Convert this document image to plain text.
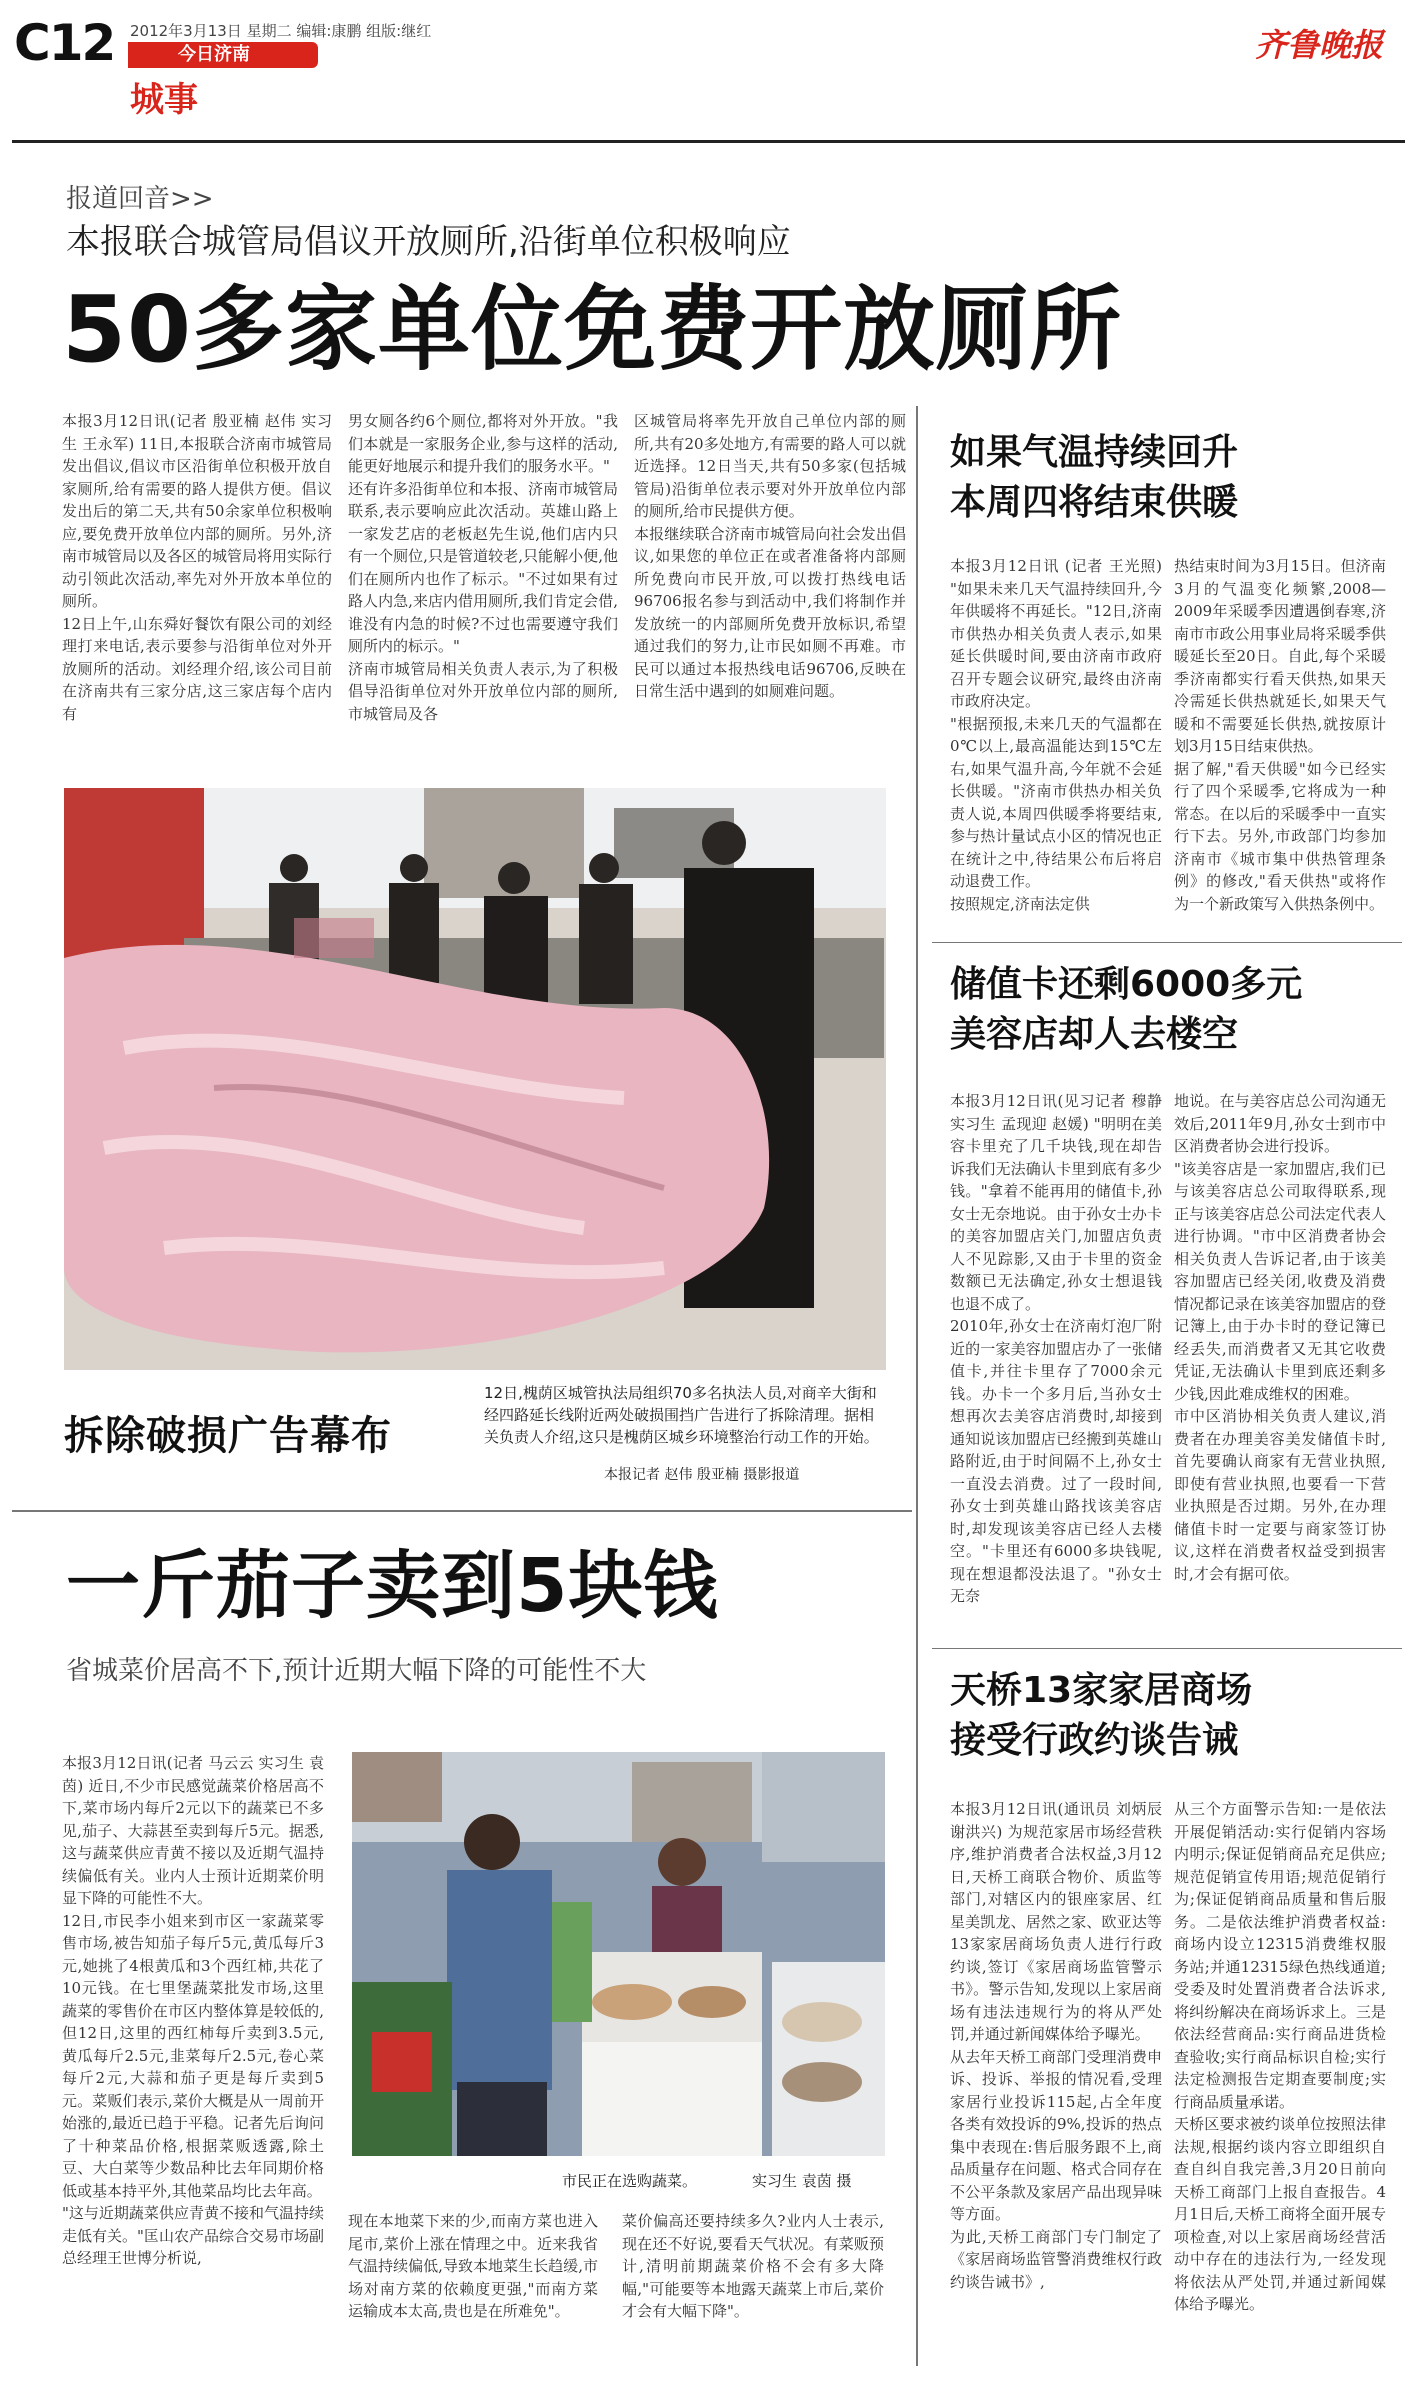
C12 2012年3月13日 星期二 编辑:康鹏 组版:继红
今日济南
城事
齐鲁晚报
报道回音>>
本报联合城管局倡议开放厕所,沿街单位积极响应
50多家单位免费开放厕所
本报3月12日讯(记者 殷亚楠 赵伟 实习生 王永军) 11日,本报联合济南市城管局发出倡议,倡议市区沿街单位积极开放自家厕所,给有需要的路人提供方便。倡议发出后的第二天,共有50余家单位积极响应,要免费开放单位内部的厕所。另外,济南市城管局以及各区的城管局将用实际行动引领此次活动,率先对外开放本单位的厕所。
12日上午,山东舜好餐饮有限公司的刘经理打来电话,表示要参与沿街单位对外开放厕所的活动。刘经理介绍,该公司目前在济南共有三家分店,这三家店每个店内有
男女厕各约6个厕位,都将对外开放。"我们本就是一家服务企业,参与这样的活动,能更好地展示和提升我们的服务水平。"
还有许多沿街单位和本报、济南市城管局联系,表示要响应此次活动。英雄山路上一家发艺店的老板赵先生说,他们店内只有一个厕位,只是管道较老,只能解小便,他们在厕所内也作了标示。"不过如果有过路人内急,来店内借用厕所,我们肯定会借,谁没有内急的时候?不过也需要遵守我们厕所内的标示。"
济南市城管局相关负责人表示,为了积极倡导沿街单位对外开放单位内部的厕所,市城管局及各
区城管局将率先开放自己单位内部的厕所,共有20多处地方,有需要的路人可以就近选择。12日当天,共有50多家(包括城管局)沿街单位表示要对外开放单位内部的厕所,给市民提供方便。
本报继续联合济南市城管局向社会发出倡议,如果您的单位正在或者准备将内部厕所免费向市民开放,可以拨打热线电话96706报名参与到活动中,我们将制作并发放统一的内部厕所免费开放标识,希望通过我们的努力,让市民如厕不再难。市民可以通过本报热线电话96706,反映在日常生活中遇到的如厕难问题。
拆除破损广告幕布
12日,槐荫区城管执法局组织70多名执法人员,对商辛大街和经四路延长线附近两处破损围挡广告进行了拆除清理。据相关负责人介绍,这只是槐荫区城乡环境整治行动工作的开始。
本报记者 赵伟 殷亚楠 摄影报道
一斤茄子卖到5块钱
省城菜价居高不下,预计近期大幅下降的可能性不大
本报3月12日讯(记者 马云云 实习生 袁茵) 近日,不少市民感觉蔬菜价格居高不下,菜市场内每斤2元以下的蔬菜已不多见,茄子、大蒜甚至卖到每斤5元。据悉,这与蔬菜供应青黄不接以及近期气温持续偏低有关。业内人士预计近期菜价明显下降的可能性不大。
12日,市民李小姐来到市区一家蔬菜零售市场,被告知茄子每斤5元,黄瓜每斤3元,她挑了4根黄瓜和3个西红柿,共花了10元钱。在七里堡蔬菜批发市场,这里蔬菜的零售价在市区内整体算是较低的,但12日,这里的西红柿每斤卖到3.5元,黄瓜每斤2.5元,韭菜每斤2.5元,卷心菜每斤2元,大蒜和茄子更是每斤卖到5元。菜贩们表示,菜价大概是从一周前开始涨的,最近已趋于平稳。记者先后询问了十种菜品价格,根据菜贩透露,除土豆、大白菜等少数品种比去年同期价格低或基本持平外,其他菜品均比去年高。
"这与近期蔬菜供应青黄不接和气温持续走低有关。"匡山农产品综合交易市场副总经理王世博分析说,
市民正在选购蔬菜。	实习生 袁茵 摄
现在本地菜下来的少,而南方菜也进入尾市,菜价上涨在情理之中。近来我省气温持续偏低,导致本地菜生长趋缓,市场对南方菜的依赖度更强,"而南方菜运输成本太高,贵也是在所难免"。
菜价偏高还要持续多久?业内人士表示,现在还不好说,要看天气状况。有菜贩预计,清明前期蔬菜价格不会有多大降幅,"可能要等本地露天蔬菜上市后,菜价才会有大幅下降"。
如果气温持续回升
本周四将结束供暖
本报3月12日讯 (记者 王光照) "如果未来几天气温持续回升,今年供暖将不再延长。"12日,济南市供热办相关负责人表示,如果延长供暖时间,要由济南市政府召开专题会议研究,最终由济南市政府决定。
"根据预报,未来几天的气温都在0℃以上,最高温能达到15℃左右,如果气温升高,今年就不会延长供暖。"济南市供热办相关负责人说,本周四供暖季将要结束,参与热计量试点小区的情况也正在统计之中,待结果公布后将启动退费工作。
按照规定,济南法定供
热结束时间为3月15日。但济南3月的气温变化频繁,2008—2009年采暖季因遭遇倒春寒,济南市市政公用事业局将采暖季供暖延长至20日。自此,每个采暖季济南都实行看天供热,如果天冷需延长供热就延长,如果天气暖和不需要延长供热,就按原计划3月15日结束供热。
据了解,"看天供暖"如今已经实行了四个采暖季,它将成为一种常态。在以后的采暖季中一直实行下去。另外,市政部门均参加济南市《城市集中供热管理条例》的修改,"看天供热"或将作为一个新政策写入供热条例中。
储值卡还剩6000多元
美容店却人去楼空
本报3月12日讯(见习记者 穆静 实习生 孟现迎 赵媛) "明明在美容卡里充了几千块钱,现在却告诉我们无法确认卡里到底有多少钱。"拿着不能再用的储值卡,孙女士无奈地说。由于孙女士办卡的美容加盟店关门,加盟店负责人不见踪影,又由于卡里的资金数额已无法确定,孙女士想退钱也退不成了。
2010年,孙女士在济南灯泡厂附近的一家美容加盟店办了一张储值卡,并往卡里存了7000余元钱。办卡一个多月后,当孙女士想再次去美容店消费时,却接到通知说该加盟店已经搬到英雄山路附近,由于时间隔不上,孙女士一直没去消费。过了一段时间,孙女士到英雄山路找该美容店时,却发现该美容店已经人去楼空。"卡里还有6000多块钱呢,现在想退都没法退了。"孙女士无奈
地说。在与美容店总公司沟通无效后,2011年9月,孙女士到市中区消费者协会进行投诉。
"该美容店是一家加盟店,我们已与该美容店总公司取得联系,现正与该美容店总公司法定代表人进行协调。"市中区消费者协会相关负责人告诉记者,由于该美容加盟店已经关闭,收费及消费情况都记录在该美容加盟店的登记簿上,由于办卡时的登记簿已经丢失,而消费者又无其它收费凭证,无法确认卡里到底还剩多少钱,因此难成维权的困难。
市中区消协相关负责人建议,消费者在办理美容美发储值卡时,首先要确认商家有无营业执照,即使有营业执照,也要看一下营业执照是否过期。另外,在办理储值卡时一定要与商家签订协议,这样在消费者权益受到损害时,才会有据可依。
天桥13家家居商场
接受行政约谈告诫
本报3月12日讯(通讯员 刘炳辰 谢洪兴) 为规范家居市场经营秩序,维护消费者合法权益,3月12日,天桥工商联合物价、质监等部门,对辖区内的银座家居、红星美凯龙、居然之家、欧亚达等13家家居商场负责人进行行政约谈,签订《家居商场监管警示书》。警示告知,发现以上家居商场有违法违规行为的将从严处罚,并通过新闻媒体给予曝光。
从去年天桥工商部门受理消费申诉、投诉、举报的情况看,受理家居行业投诉115起,占全年度各类有效投诉的9%,投诉的热点集中表现在:售后服务跟不上,商品质量存在问题、格式合同存在不公平条款及家居产品出现异味等方面。
为此,天桥工商部门专门制定了《家居商场监管警消费维权行政约谈告诫书》,
从三个方面警示告知:一是依法开展促销活动:实行促销内容场内明示;保证促销商品充足供应;规范促销宣传用语;规范促销行为;保证促销商品质量和售后服务。二是依法维护消费者权益:商场内设立12315消费维权服务站;并通12315绿色热线通道;受委及时处置消费者合法诉求,将纠纷解决在商场诉求上。三是依法经营商品:实行商品进货检查验收;实行商品标识自检;实行法定检测报告定期查要制度;实行商品质量承诺。
天桥区要求被约谈单位按照法律法规,根据约谈内容立即组织自查自纠自我完善,3月20日前向天桥工商部门上报自查报告。4月1日后,天桥工商将全面开展专项检查,对以上家居商场经营活动中存在的违法行为,一经发现将依法从严处罚,并通过新闻媒体给予曝光。
